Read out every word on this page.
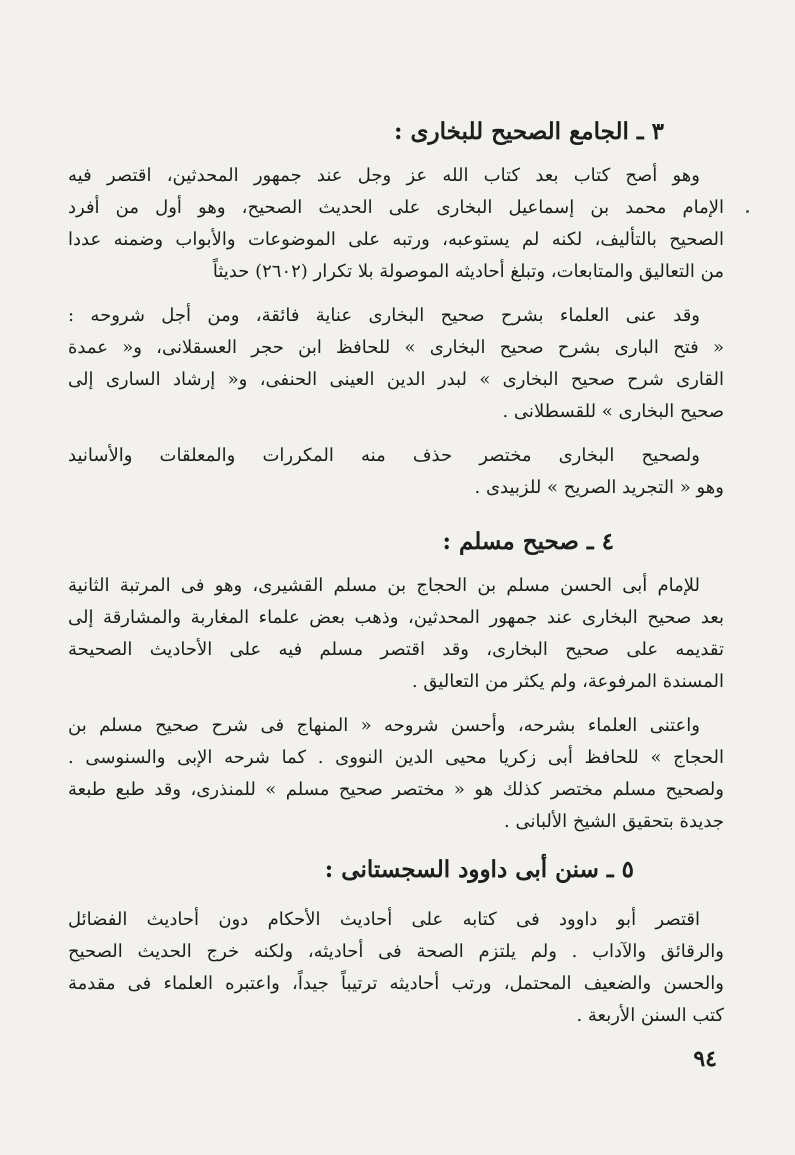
٣ ـ الجامع الصحيح للبخارى :
وهو أصح كتاب بعد كتاب الله عز وجل عند جمهور المحدثين، اقتصر فيه
الإمام محمد بن إسماعيل البخارى على الحديث الصحيح، وهو أول من أفرد
الصحيح بالتأليف، لكنه لم يستوعبه، ورتبه على الموضوعات والأبواب وضمنه عددا
من التعاليق والمتابعات، وتبلغ أحاديثه الموصولة بلا تكرار (٢٦٠٢) حديثاً
وقد عنى العلماء بشرح صحيح البخارى عناية فائقة، ومن أجل شروحه :
« فتح البارى بشرح صحيح البخارى » للحافظ ابن حجر العسقلانى، و« عمدة
القارى شرح صحيح البخارى » لبدر الدين العينى الحنفى، و« إرشاد السارى إلى
صحيح البخارى » للقسطلانى .
ولصحيح البخارى مختصر حذف منه المكررات والمعلقات والأسانيد
وهو « التجريد الصريح » للزبيدى .
٤ ـ صحيح مسلم :
للإمام أبى الحسن مسلم بن الحجاج بن مسلم القشيرى، وهو فى المرتبة الثانية
بعد صحيح البخارى عند جمهور المحدثين، وذهب بعض علماء المغاربة والمشارقة إلى
تقديمه على صحيح البخارى، وقد اقتصر مسلم فيه على الأحاديث الصحيحة
المسندة المرفوعة، ولم يكثر من التعاليق .
واعتنى العلماء بشرحه، وأحسن شروحه « المنهاج فى شرح صحيح مسلم بن
الحجاج » للحافظ أبى زكريا محيى الدين النووى . كما شرحه الإبى والسنوسى .
ولصحيح مسلم مختصر كذلك هو « مختصر صحيح مسلم » للمنذرى، وقد طبع طبعة
جديدة بتحقيق الشيخ الألبانى .
٥ ـ سنن أبى داوود السجستانى :
اقتصر أبو داوود فى كتابه على أحاديث الأحكام دون أحاديث الفضائل
والرقائق والآداب . ولم يلتزم الصحة فى أحاديثه، ولكنه خرج الحديث الصحيح
والحسن والضعيف المحتمل، ورتب أحاديثه ترتيباً جيداً، واعتبره العلماء فى مقدمة
كتب السنن الأربعة .
٩٤
